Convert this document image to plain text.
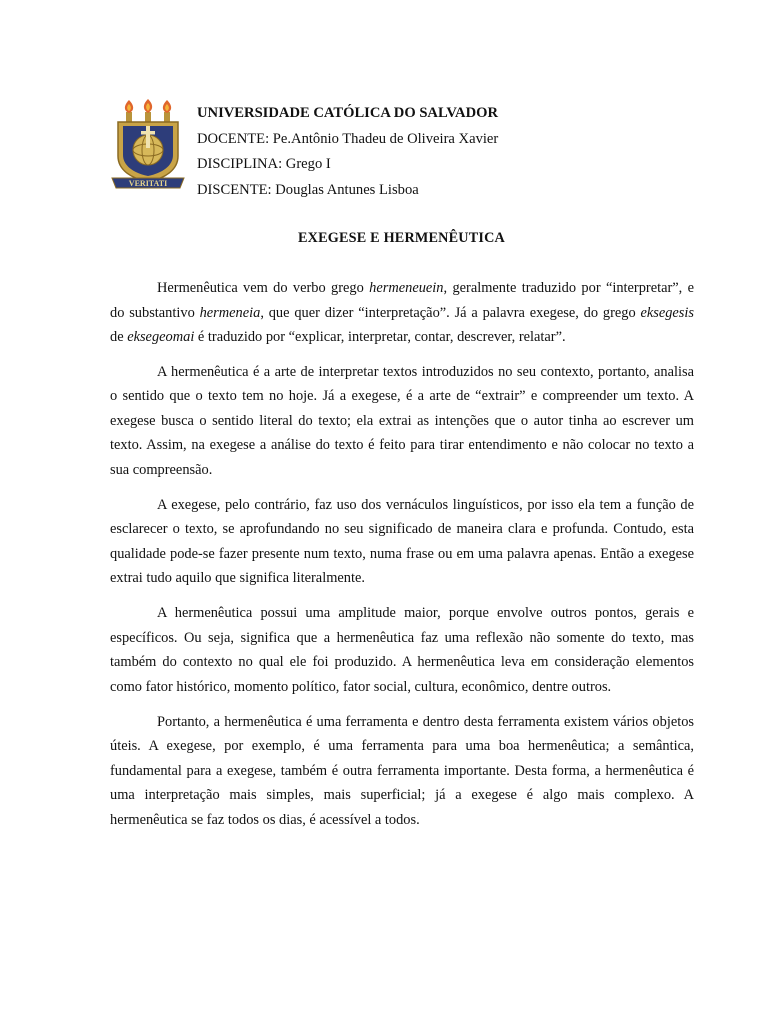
VERITATI
UNIVERSIDADE CATÓLICA DO SALVADOR
DOCENTE: Pe.Antônio Thadeu de Oliveira Xavier
DISCIPLINA: Grego I
DISCENTE: Douglas Antunes Lisboa
EXEGESE E HERMENÊUTICA

Hermenêutica vem do verbo grego hermeneuein, geralmente traduzido por “interpretar”, e do substantivo hermeneia, que quer dizer “interpretação”. Já a palavra exegese, do grego eksegesis de eksegeomai é traduzido por “explicar, interpretar, contar, descrever, relatar”.

A hermenêutica é a arte de interpretar textos introduzidos no seu contexto, portanto, analisa o sentido que o texto tem no hoje. Já a exegese, é a arte de “extrair” e compreender um texto. A exegese busca o sentido literal do texto; ela extrai as intenções que o autor tinha ao escrever um texto. Assim, na exegese a análise do texto é feito para tirar entendimento e não colocar no texto a sua compreensão.

A exegese, pelo contrário, faz uso dos vernáculos linguísticos, por isso ela tem a função de esclarecer o texto, se aprofundando no seu significado de maneira clara e profunda. Contudo, esta qualidade pode-se fazer presente num texto, numa frase ou em uma palavra apenas. Então a exegese extrai tudo aquilo que significa literalmente.

A hermenêutica possui uma amplitude maior, porque envolve outros pontos, gerais e específicos. Ou seja, significa que a hermenêutica faz uma reflexão não somente do texto, mas também do contexto no qual ele foi produzido. A hermenêutica leva em consideração elementos como fator histórico, momento político, fator social, cultura, econômico, dentre outros.

Portanto, a hermenêutica é uma ferramenta e dentro desta ferramenta existem vários objetos úteis. A exegese, por exemplo, é uma ferramenta para uma boa hermenêutica; a semântica, fundamental para a exegese, também é outra ferramenta importante. Desta forma, a hermenêutica é uma interpretação mais simples, mais superficial; já a exegese é algo mais complexo. A hermenêutica se faz todos os dias, é acessível a todos.
